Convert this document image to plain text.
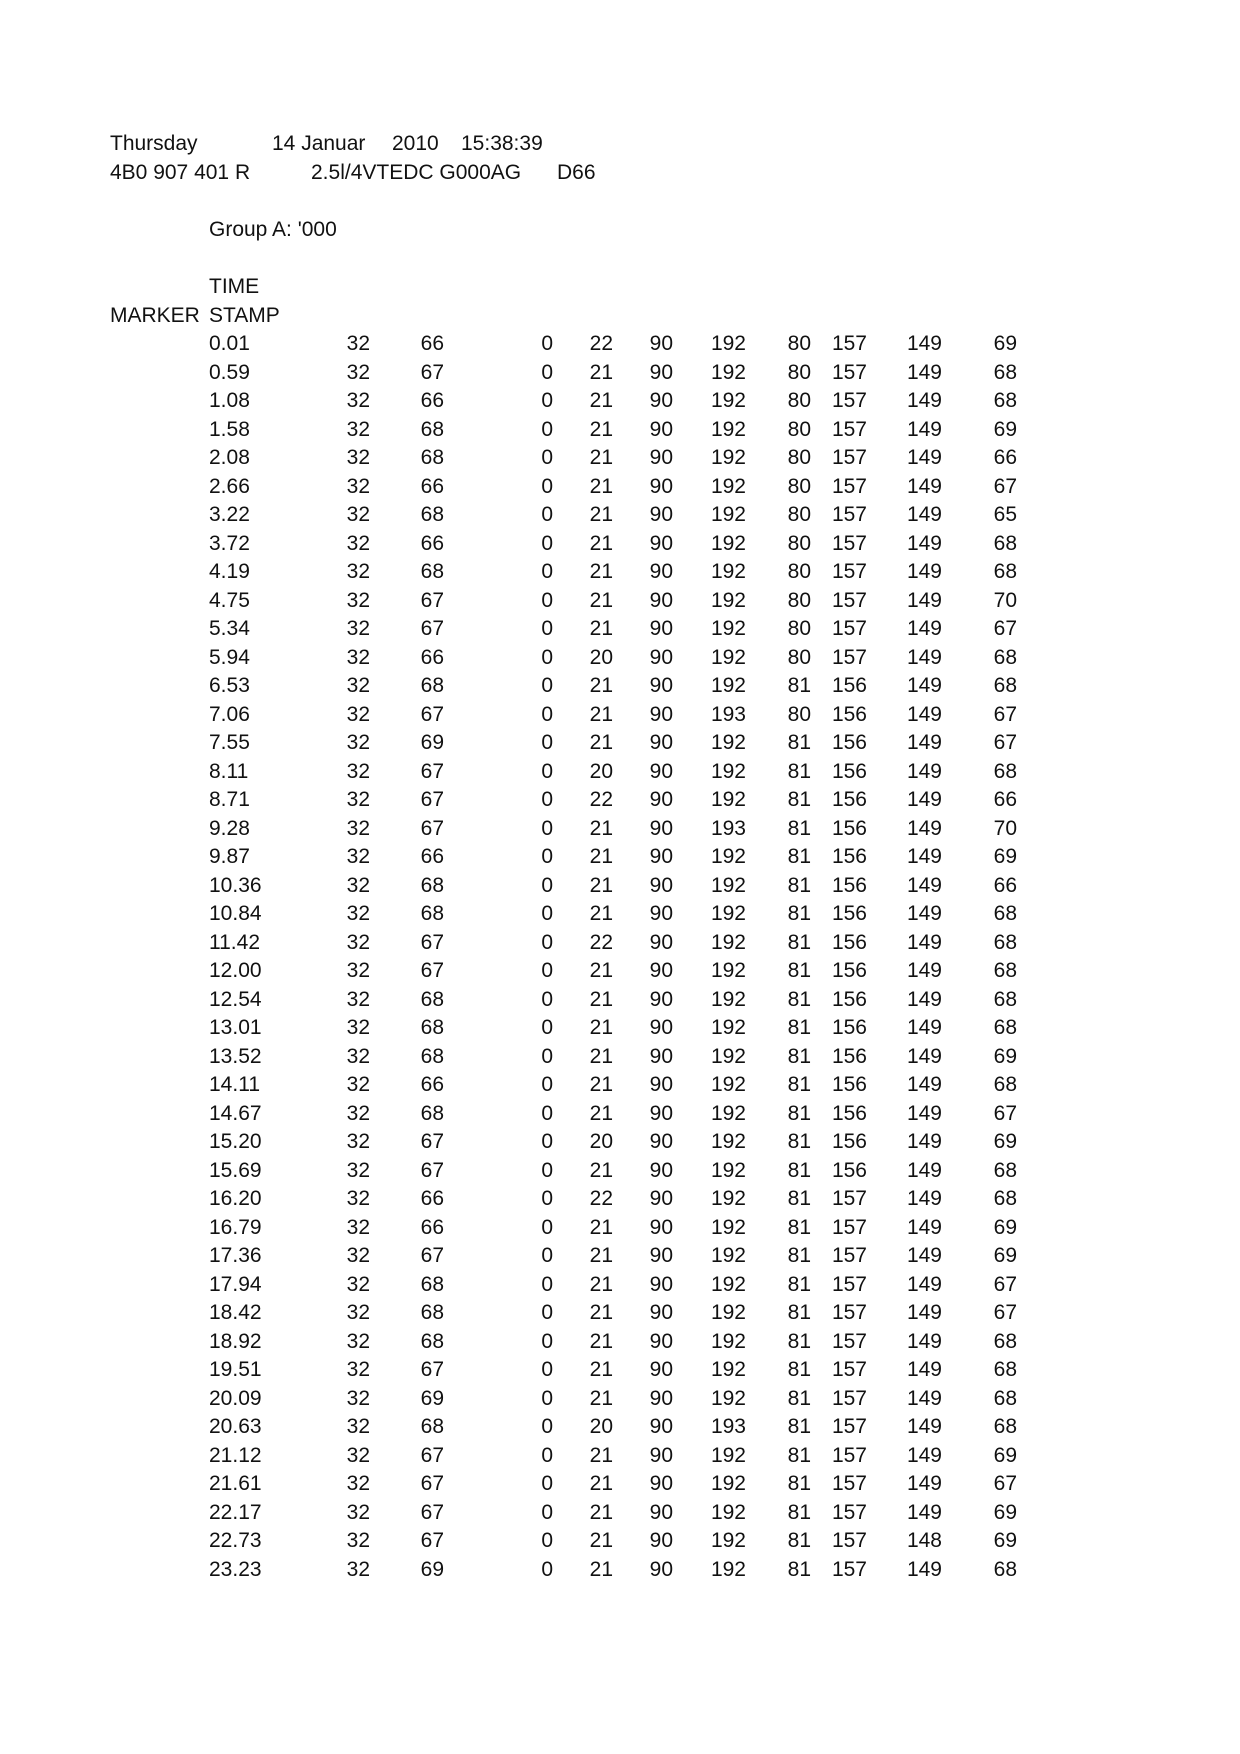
Thursday	14 Januar 2010 15:38:39
4B0 907 401 R	2.5l/4VTEDC G000AG D66
Group A: '000
TIME
MARKER STAMP
0.01	32 66	0 22 90 192 80 157 149 69
0.59	32 67	0 21 90 192 80 157 149 68
1.08	32 66	0 21 90 192 80 157 149 68
1.58	32 68	0 21 90 192 80 157 149 69
2.08	32 68	0 21 90 192 80 157 149 66
2.66	32 66	0 21 90 192 80 157 149 67
3.22	32 68	0 21 90 192 80 157 149 65
3.72	32 66	0 21 90 192 80 157 149 68
4.19	32 68	0 21 90 192 80 157 149 68
4.75	32 67	0 21 90 192 80 157 149 70
5.34	32 67	0 21 90 192 80 157 149 67
5.94	32 66	0 20 90 192 80 157 149 68
6.53	32 68	0 21 90 192 81 156 149 68
7.06	32 67	0 21 90 193 80 156 149 67
7.55	32 69	0 21 90 192 81 156 149 67
8.11	32 67	0 20 90 192 81 156 149 68
8.71	32 67	0 22 90 192 81 156 149 66
9.28	32 67	0 21 90 193 81 156 149 70
9.87	32 66	0 21 90 192 81 156 149 69
10.36	32 68	0 21 90 192 81 156 149 66
10.84	32 68	0 21 90 192 81 156 149 68
11.42	32 67	0 22 90 192 81 156 149 68
12.00	32 67	0 21 90 192 81 156 149 68
12.54	32 68	0 21 90 192 81 156 149 68
13.01	32 68	0 21 90 192 81 156 149 68
13.52	32 68	0 21 90 192 81 156 149 69
14.11	32 66	0 21 90 192 81 156 149 68
14.67	32 68	0 21 90 192 81 156 149 67
15.20	32 67	0 20 90 192 81 156 149 69
15.69	32 67	0 21 90 192 81 156 149 68
16.20	32 66	0 22 90 192 81 157 149 68
16.79	32 66	0 21 90 192 81 157 149 69
17.36	32 67	0 21 90 192 81 157 149 69
17.94	32 68	0 21 90 192 81 157 149 67
18.42	32 68	0 21 90 192 81 157 149 67
18.92	32 68	0 21 90 192 81 157 149 68
19.51	32 67	0 21 90 192 81 157 149 68
20.09	32 69	0 21 90 192 81 157 149 68
20.63	32 68	0 20 90 193 81 157 149 68
21.12	32 67	0 21 90 192 81 157 149 69
21.61	32 67	0 21 90 192 81 157 149 67
22.17	32 67	0 21 90 192 81 157 149 69
22.73	32 67	0 21 90 192 81 157 148 69
23.23	32 69	0 21 90 192 81 157 149 68
